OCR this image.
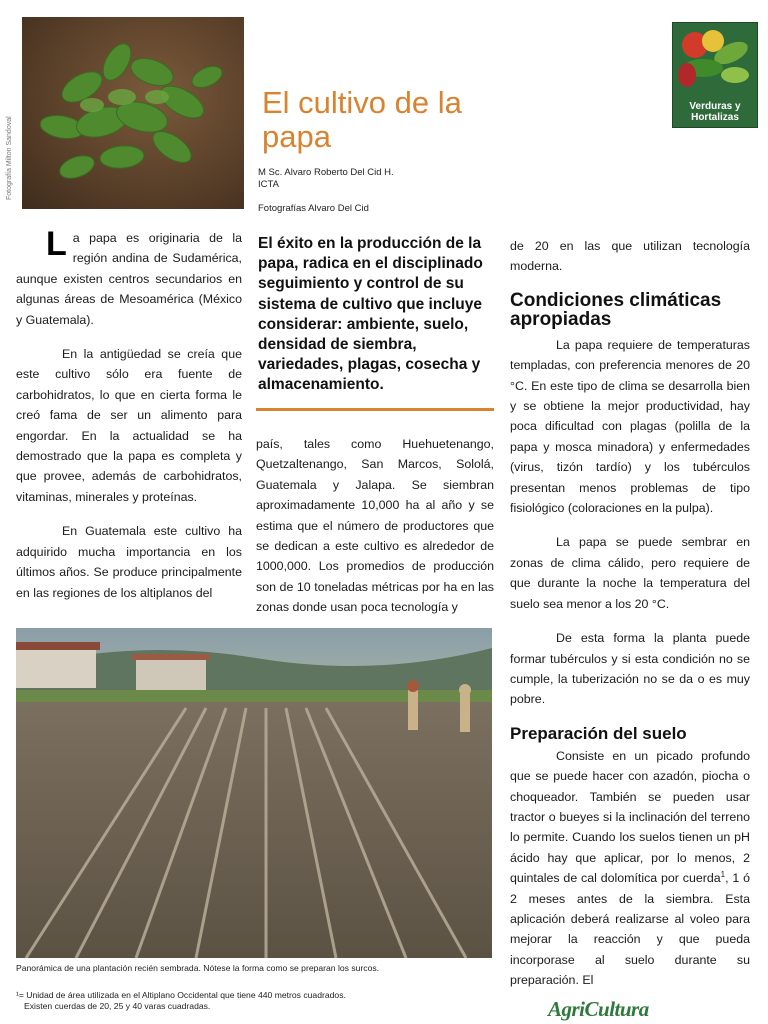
Fotografía Milton Sandoval
El cultivo de la
papa
M Sc. Alvaro Roberto Del Cid H.
ICTA
Fotografías Alvaro Del Cid
Verduras y
Hortalizas

La papa es originaria de la región andina de Sudamérica, aunque existen centros secundarios en algunas áreas de Mesoamérica (México y Guatemala).

En la antigüedad se creía que este cultivo sólo era fuente de carbohidratos, lo que en cierta forma le creó fama de ser un alimento para engordar. En la actualidad se ha demostrado que la papa es completa y que provee, además de carbohidratos, vitaminas, minerales y proteínas.

En Guatemala este cultivo ha adquirido mucha importancia en los últimos años. Se produce principalmente en las regiones de los altiplanos del

El éxito en la producción de la papa, radica en el disciplinado seguimiento y control de su sistema de cultivo que incluye considerar: ambiente, suelo, densidad de siembra, variedades, plagas, cosecha y almacenamiento.

país, tales como Huehuetenango, Quetzaltenango, San Marcos, Sololá, Guatemala y Jalapa. Se siembran aproximadamente 10,000 ha al año y se estima que el número de productores que se dedican a este cultivo es alrededor de 1000,000. Los promedios de producción son de 10 toneladas métricas por ha en las zonas donde usan poca tecnología y

de 20 en las que utilizan tecnología moderna.

Condiciones climáticas apropiadas

La papa requiere de temperaturas templadas, con preferencia menores de 20 °C. En este tipo de clima se desarrolla bien y se obtiene la mejor productividad, hay poca dificultad con plagas (polilla de la papa y mosca minadora) y enfermedades (virus, tizón tardío) y los tubérculos presentan menos problemas de tipo fisiológico (coloraciones en la pulpa).

La papa se puede sembrar en zonas de clima cálido, pero requiere de que durante la noche la temperatura del suelo sea menor a los 20 °C.

De esta forma la planta puede formar tubérculos y si esta condición no se cumple, la tuberización no se da o es muy pobre.

Preparación del suelo

Consiste en un picado profundo que se puede hacer con azadón, piocha o choqueador. También se pueden usar tractor o bueyes si la inclinación del terreno lo permite. Cuando los suelos tienen un pH ácido hay que aplicar, por lo menos, 2 quintales de cal dolomítica por cuerda$^1$, 1 ó 2 meses antes de la siembra. Esta aplicación deberá realizarse al voleo para mejorar la reacción y que pueda incorporase al suelo durante su preparación. El

Panorámica de una plantación recién sembrada. Nótese la forma como se preparan los surcos.
¹= Unidad de área utilizada en el Altiplano Occidental que tiene 440 metros cuadrados.
Existen cuerdas de 20, 25 y 40 varas cuadradas.	AgriCultura
